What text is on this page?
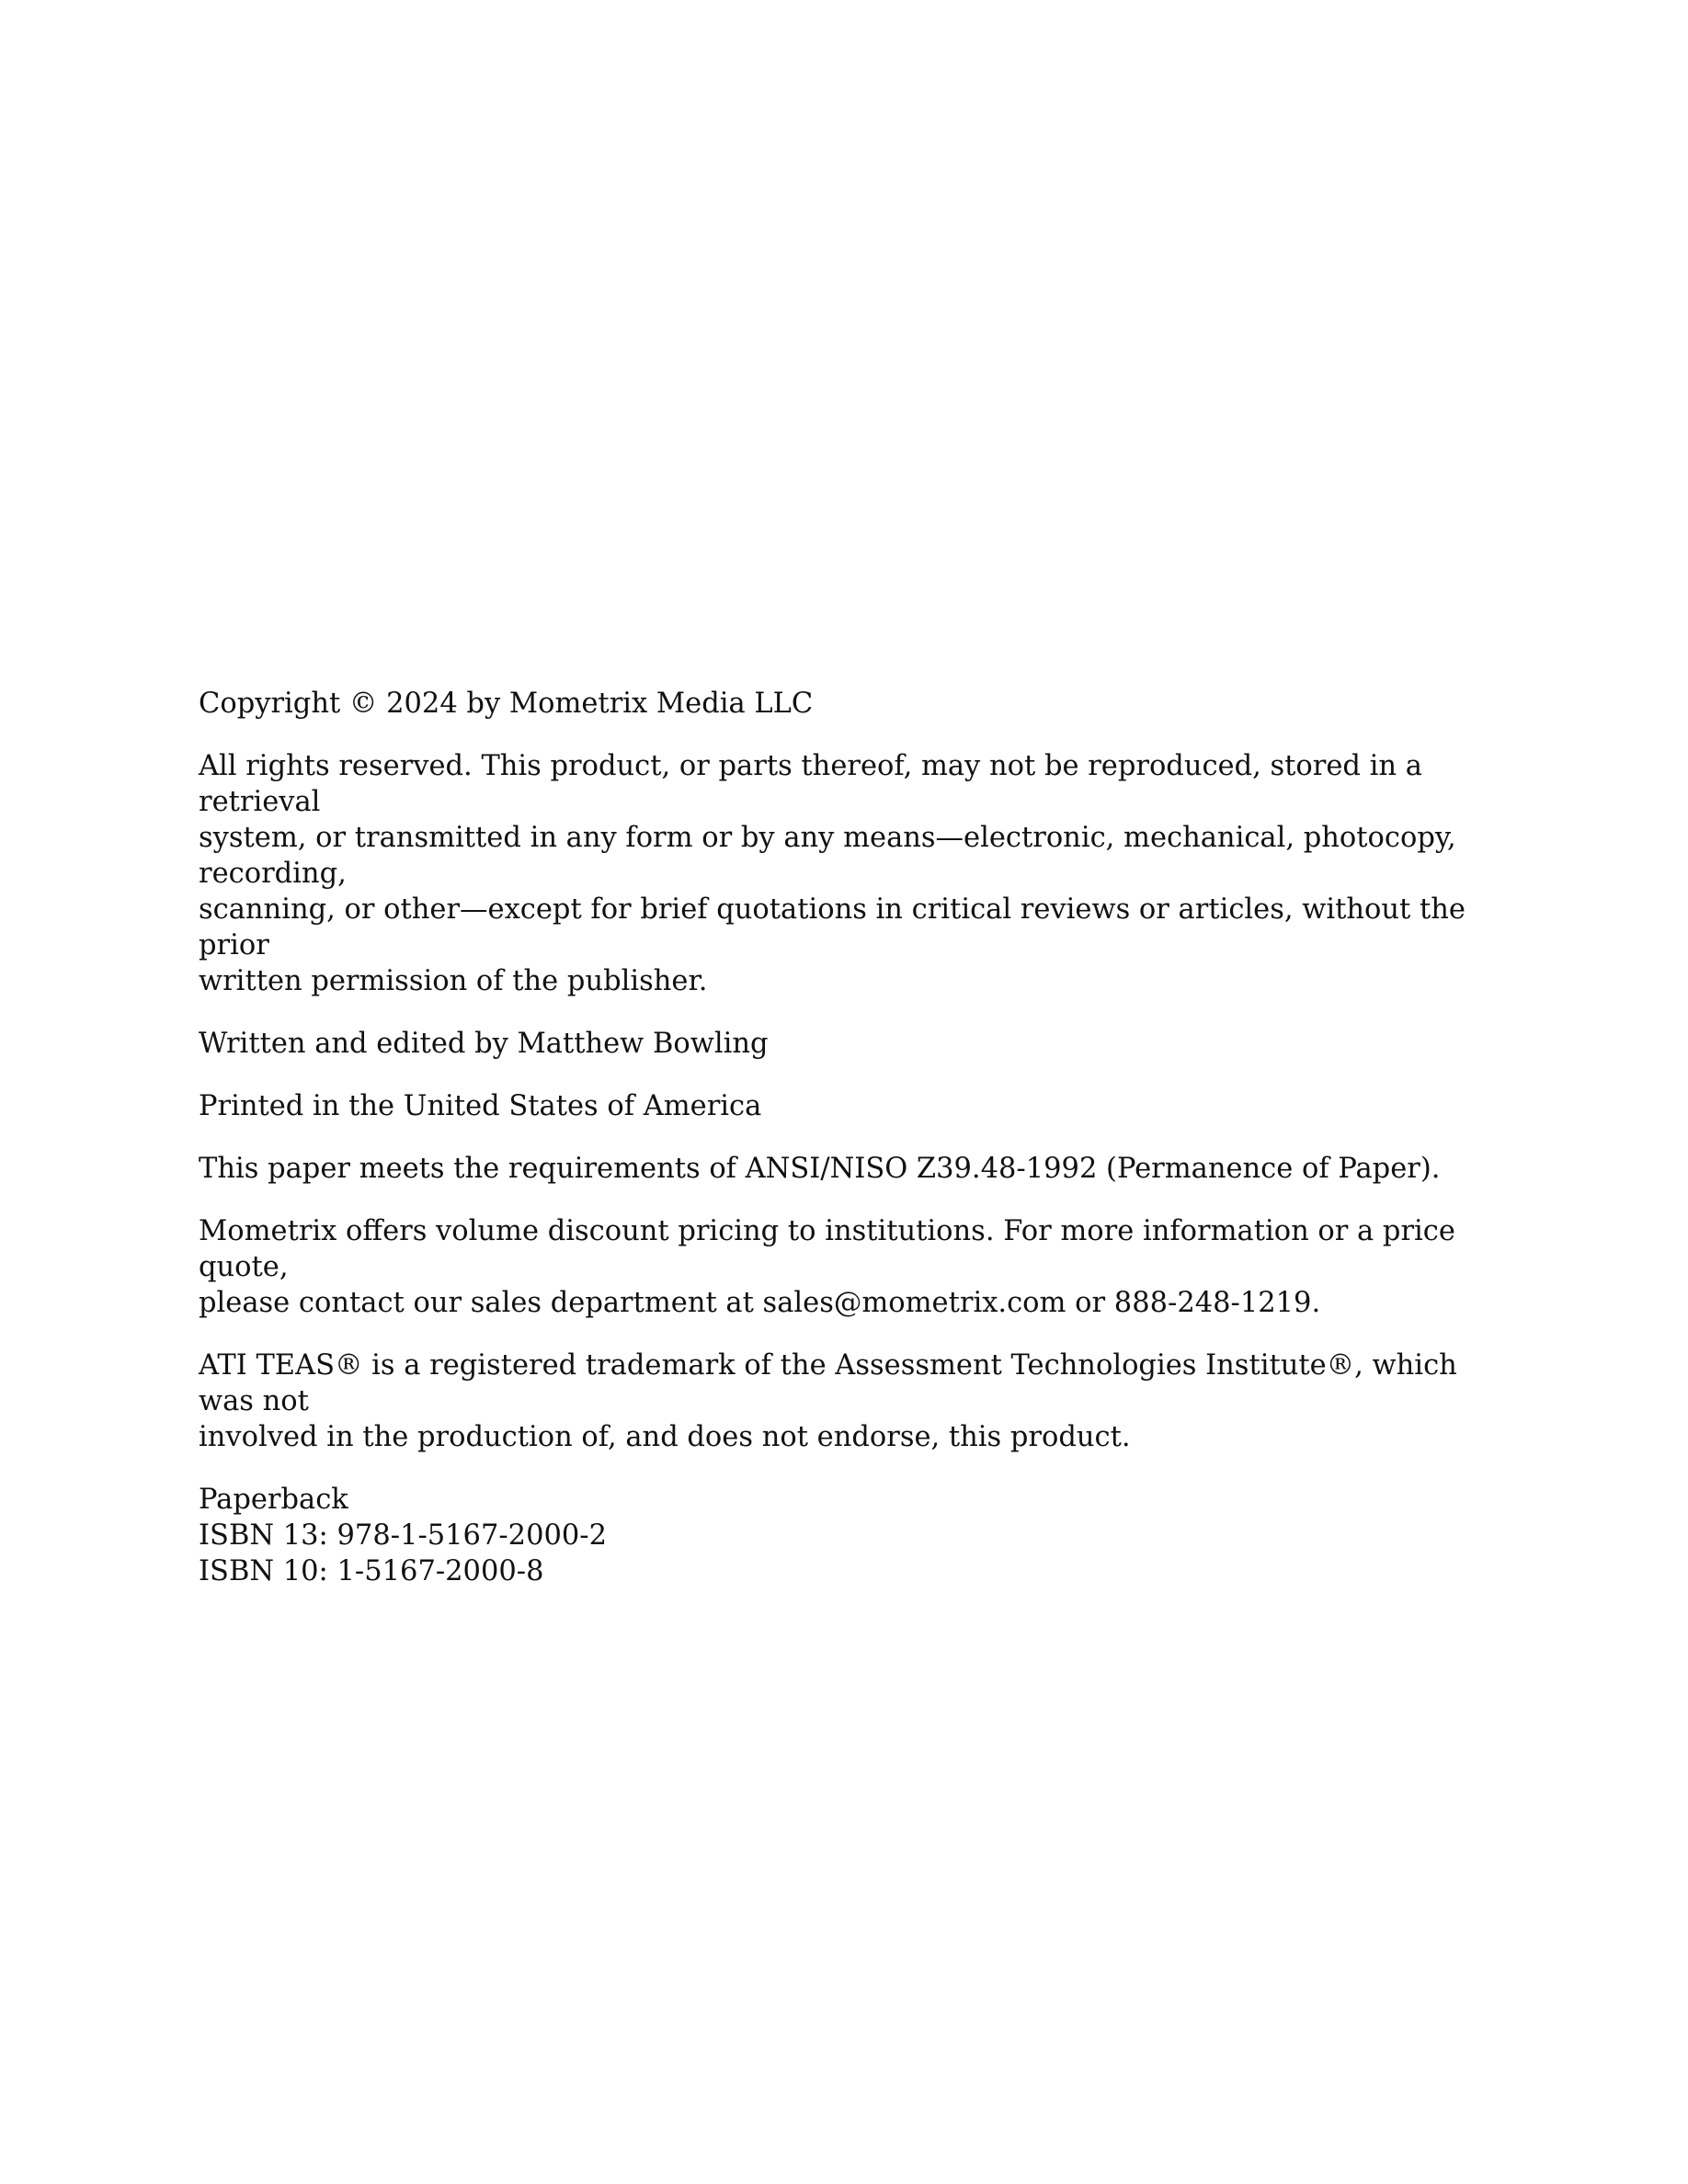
Copyright © 2024 by Mometrix Media LLC

All rights reserved. This product, or parts thereof, may not be reproduced, stored in a retrieval
system, or transmitted in any form or by any means—electronic, mechanical, photocopy, recording,
scanning, or other—except for brief quotations in critical reviews or articles, without the prior
written permission of the publisher.

Written and edited by Matthew Bowling

Printed in the United States of America

This paper meets the requirements of ANSI/NISO Z39.48-1992 (Permanence of Paper).

Mometrix offers volume discount pricing to institutions. For more information or a price quote,
please contact our sales department at sales@mometrix.com or 888-248-1219.

ATI TEAS® is a registered trademark of the Assessment Technologies Institute®, which was not
involved in the production of, and does not endorse, this product.

Paperback
ISBN 13: 978-1-5167-2000-2
ISBN 10: 1-5167-2000-8
